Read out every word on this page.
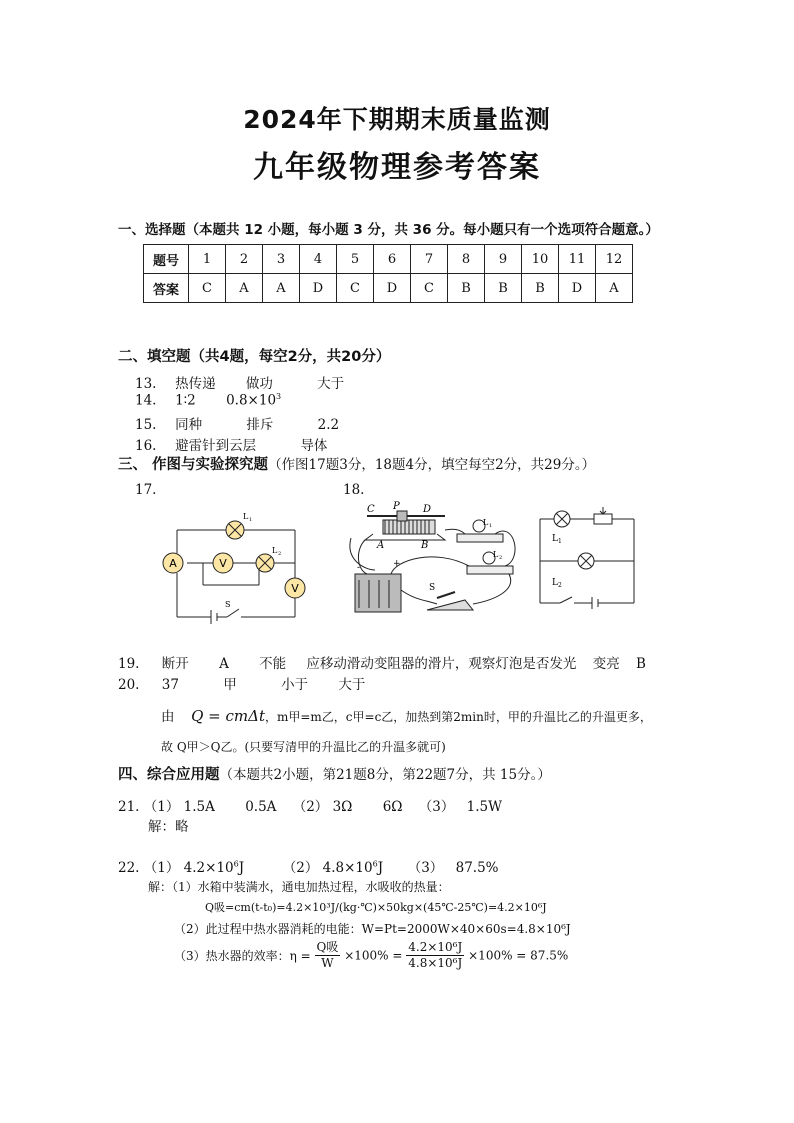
2024年下期期末质量监测
九年级物理参考答案
一、选择题（本题共 12 小题，每小题 3 分，共 36 分。每小题只有一个选项符合题意。）
题号	1	2	3	4	5	6	7	8	9	10	11	12
答案	C	A	A	D	C	D	C	B	B	B	D	A
二、填空题（共4题，每空2分，共20分）
13. 热传递 做功	大于
14. 1∶2 $0.8\times 10^3$
15. 同种	排斥	2.2
16. 避雷针到云层	导体
三、 作图与实验探究题（作图17题3分，18题4分，填空每空2分，共29分。）
17.	18.
A	V
V
L 1
L 2
S
C P D
A	B
L 1
L 2
S
+
-
L 1
L 2
19. 断开 A 不能 应移动滑动变阻器的滑片，观察灯泡是否发光 变亮 B
20. 37	甲	小于 大于
由 Q = cmΔt，m甲=m乙，c甲=c乙，加热到第2min时，甲的升温比乙的升温更多，
故 Q甲＞Q乙。(只要写清甲的升温比乙的升温多就可)
四、综合应用题（本题共2小题，第21题8分，第22题7分，共 15分。）
21. （1） 1.5A 0.5A （2） 3Ω 6Ω （3） 1.5W
解：略
22. （1） $4.2\times 10^6J$	（2） $4.8\times 10^6J$ （3） 87.5%
解：（1）水箱中装满水，通电加热过程，水吸收的热量：
Q吸=cm(t-t₀)=4.2×10³J/(kg·℃)×50kg×(45℃-25℃)=4.2×10⁶J
（2）此过程中热水器消耗的电能：W=Pt=2000W×40×60s=4.8×10⁶J
（3）热水器的效率：$\eta = \frac{\text{Q吸}}{W} \times 100\% = \frac{\text{4.2×10⁶J}}{\text{4.8×10⁶J}} \times 100\% = 87.5\%$
